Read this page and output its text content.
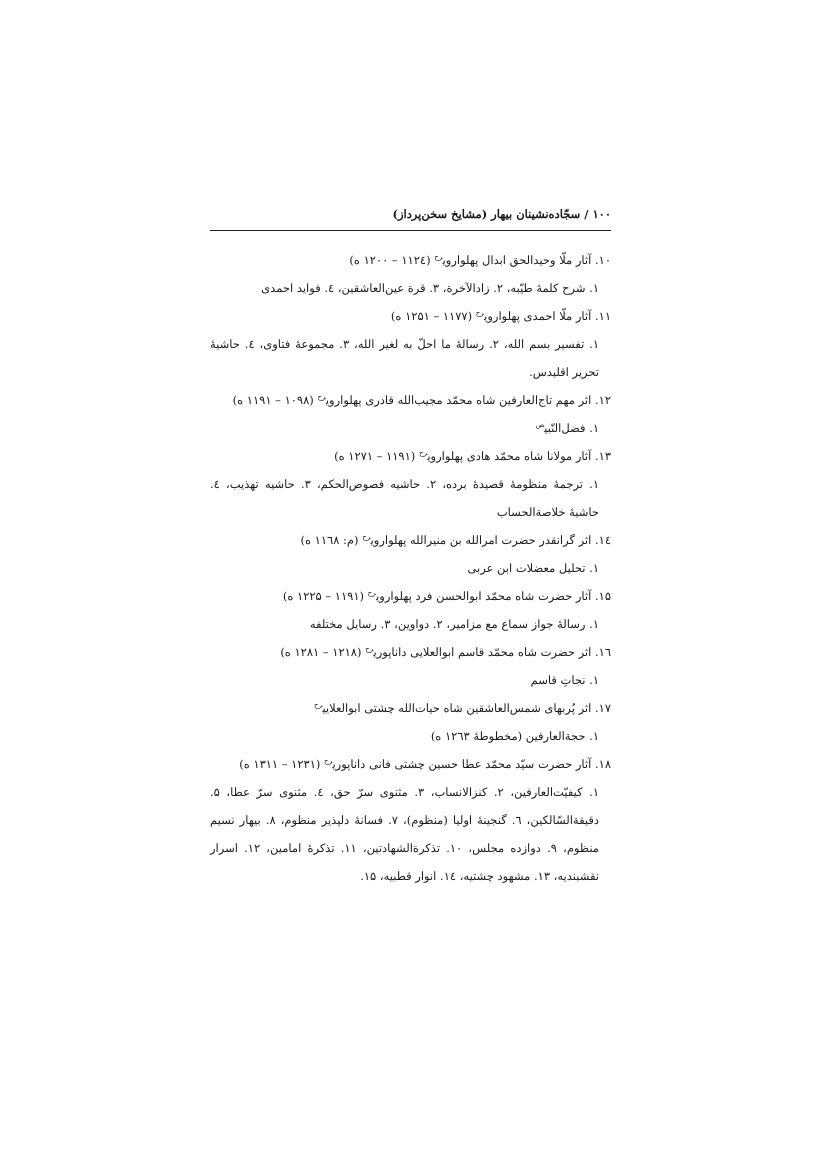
۱۰۰ / سجّاده‌نشینان بیهار (مشایخ سخن‌پرداز)
۱۰. آثار ملّا وحیدالحق ابدال پهلواروی$^{رح}$ (۱۱۲٤ – ۱۲۰۰ ه)
۱. شرح کلمهٔ طیّبه، ۲. زادالآخرة، ۳. قرة عین‌العاشقین، ٤. فواید احمدی
۱۱. آثار ملّا احمدی پهلواروی$^{رح}$ (۱۱۷۷ – ۱۲۵۱ ه)
۱. تفسیر بسم الله، ۲. رسالهٔ ما احلّ به لغیر الله، ۳. مجموعهٔ فتاوی، ٤. حاشیهٔ تحریر اقلیدس.
۱۲. اثر مهم تاج‌العارفین شاه محمّد مجیب‌الله قادری پهلواروی$^{رح}$ (۱۰۹۸ – ۱۱۹۱ ه)
۱. فضل‌النّبی$^ص$
۱۳. آثار مولانا شاه محمّد هادی پهلواروی$^{رح}$ (۱۱۹۱ – ۱۲۷۱ ه)
۱. ترجمهٔ منظومهٔ قصیدهٔ برده، ۲. حاشیه فصوص‌الحکم، ۳. حاشیه تهذیب، ٤. حاشیهٔ خلاصة‌الحساب
۱٤. اثر گرانقدر حضرت امرالله بن منیرالله پهلواروی$^{رح}$ (م: ۱۱٦۸ ه)
۱. تحلیل معضلات ابن عربی
۱۵. آثار حضرت شاه محمّد ابوالحسن فرد پهلواروی$^{رح}$ (۱۱۹۱ – ۱۲۲۵ ه)
۱. رسالهٔ جواز سماع مع مزامیر، ۲. دواوین، ۳. رسایل مختلفه
۱٦. اثر حضرت شاه محمّد قاسم ابوالعلایی داناپوری$^{رح}$ (۱۲۱۸ – ۱۲۸۱ ه)
۱. نجاتِ قاسم
۱۷. اثر پُربهای شمس‌العاشقین شاه حیات‌الله چشتی ابوالعلایی$^{رح}$
۱. حجة‌العارفین (مخطوطهٔ ۱۲٦۳ ه)
۱۸. آثار حضرت سیّد محمّد عطا حسین چشتی فانی داناپوری$^{رح}$ (۱۲۳۱ – ۱۳۱۱ ه)
۱. کیفیّت‌العارفین، ۲. کنزالانساب، ۳. مثنوی سرّ حق، ٤. مثنوی سرّ عطا، ۵. دقیقة‌السّالکین، ٦. گنجینهٔ اولیا (منظوم)، ۷. فسانهٔ دلپذیر منظوم، ۸. بیهار نسیم منظوم، ۹. دوازده مجلس، ۱۰. تذکرةالشهادتین، ۱۱. تذکرهٔ امامین، ۱۲. اسرار نقشبندیه، ۱۳. مشهود چشتیه، ۱٤. انوار قطبیه، ۱۵.
